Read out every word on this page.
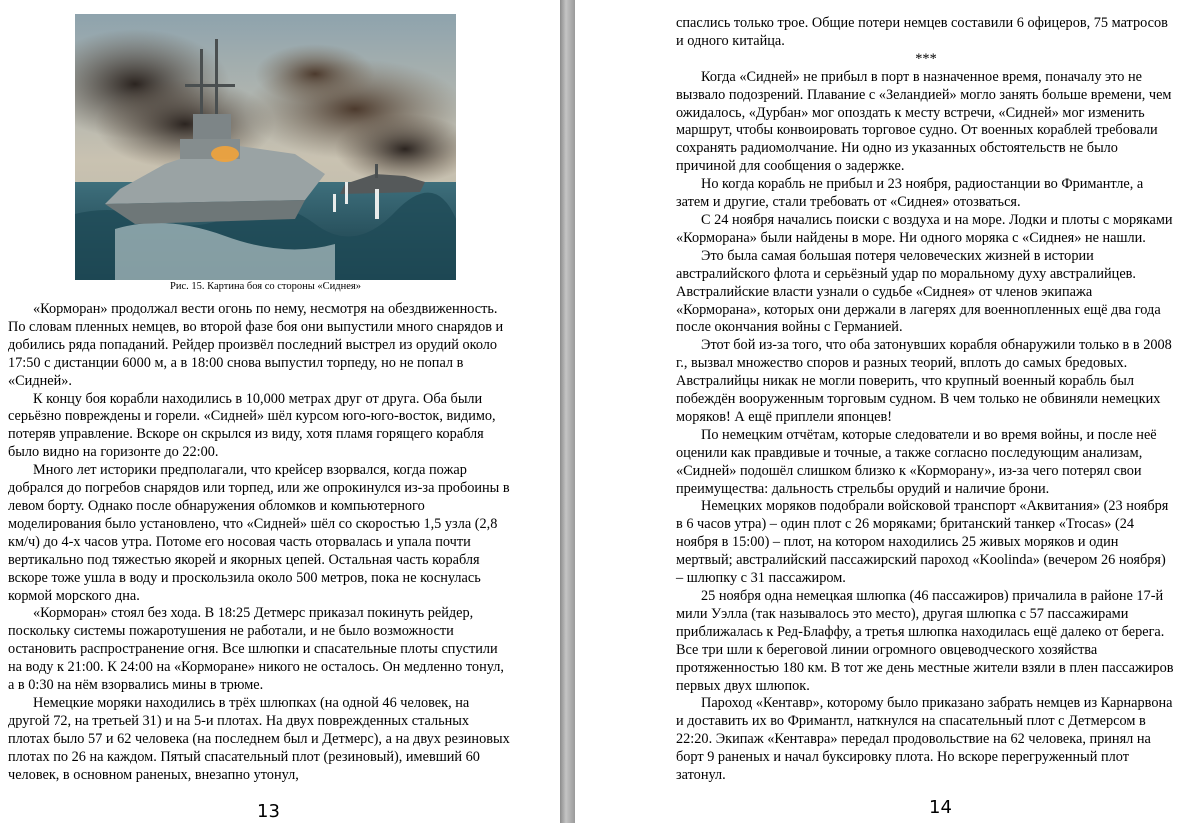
Рис. 15. Картина боя со стороны «Сиднея»

«Корморан» продолжал вести огонь по нему, несмотря на обездвиженность. По словам пленных немцев, во второй фазе боя они выпустили много снарядов и добились ряда попаданий. Рейдер произвёл последний выстрел из орудий около 17:50 с дистанции 6000 м, а в 18:00 снова выпустил торпеду, но не попал в «Сидней».

К концу боя корабли находились в 10,000 метрах друг от друга. Оба были серьёзно повреждены и горели. «Сидней» шёл курсом юго-юго-восток, видимо, потеряв управление. Вскоре он скрылся из виду, хотя пламя горящего корабля было видно на горизонте до 22:00.

Много лет историки предполагали, что крейсер взорвался, когда пожар добрался до погребов снарядов или торпед, или же опрокинулся из-за пробоины в левом борту. Однако после обнаружения обломков и компьютерного моделирования было установлено, что «Сидней» шёл со скоростью 1,5 узла (2,8 км/ч) до 4-х часов утра. Потоме его носовая часть оторвалась и упала почти вертикально под тяжестью якорей и якорных цепей. Остальная часть корабля вскоре тоже ушла в воду и проскользила около 500 метров, пока не коснулась кормой морского дна.

«Корморан» стоял без хода. В 18:25 Детмерс приказал покинуть рейдер, поскольку системы пожаротушения не работали, и не было возможности остановить распространение огня. Все шлюпки и спасательные плоты спустили на воду к 21:00. К 24:00 на «Корморане» никого не осталось. Он медленно тонул, а в 0:30 на нём взорвались мины в трюме.

Немецкие моряки находились в трёх шлюпках (на одной 46 человек, на другой 72, на третьей 31) и на 5-и плотах. На двух поврежденных стальных плотах было 57 и 62 человека (на последнем был и Детмерс), а на двух резиновых плотах по 26 на каждом. Пятый спасательный плот (резиновый), имевший 60 человек, в основном раненых, внезапно утонул,

13

спаслись только трое. Общие потери немцев составили 6 офицеров, 75 матросов и одного китайца.

***

Когда «Сидней» не прибыл в порт в назначенное время, поначалу это не вызвало подозрений. Плавание с «Зеландией» могло занять больше времени, чем ожидалось, «Дурбан» мог опоздать к месту встречи, «Сидней» мог изменить маршрут, чтобы конвоировать торговое судно. От военных кораблей требовали сохранять радиомолчание. Ни одно из указанных обстоятельств не было причиной для сообщения о задержке.

Но когда корабль не прибыл и 23 ноября, радиостанции во Фримантле, а затем и другие, стали требовать от «Сиднея» отозваться.

С 24 ноября начались поиски с воздуха и на море. Лодки и плоты с моряками «Корморана» были найдены в море. Ни одного моряка с «Сиднея» не нашли.

Это была самая большая потеря человеческих жизней в истории австралийского флота и серьёзный удар по моральному духу австралийцев. Австралийские власти узнали о судьбе «Сиднея» от членов экипажа «Корморана», которых они держали в лагерях для военнопленных ещё два года после окончания войны с Германией.

Этот бой из-за того, что оба затонувших корабля обнаружили только в в 2008 г., вызвал множество споров и разных теорий, вплоть до самых бредовых. Австралийцы никак не могли поверить, что крупный военный корабль был побеждён вооруженным торговым судном. В чем только не обвиняли немецких моряков! А ещё приплели японцев!

По немецким отчётам, которые следователи и во время войны, и после неё оценили как правдивые и точные, а также согласно последующим анализам, «Сидней» подошёл слишком близко к «Корморану», из-за чего потерял свои преимущества: дальность стрельбы орудий и наличие брони.

Немецких моряков подобрали войсковой транспорт «Аквитания» (23 ноября в 6 часов утра) – один плот с 26 моряками; британский танкер «Trocas» (24 ноября в 15:00) – плот, на котором находились 25 живых моряков и один мертвый; австралийский пассажирский пароход «Koolinda» (вечером 26 ноября) – шлюпку с 31 пассажиром.

25 ноября одна немецкая шлюпка (46 пассажиров) причалила в районе 17-й мили Уэлла (так называлось это место), другая шлюпка с 57 пассажирами приближалась к Ред-Блаффу, а третья шлюпка находилась ещё далеко от берега. Все три шли к береговой линии огромного овцеводческого хозяйства протяженностью 180 км. В тот же день местные жители взяли в плен пассажиров первых двух шлюпок.

Пароход «Кентавр», которому было приказано забрать немцев из Карнарвона и доставить их во Фримантл, наткнулся на спасательный плот с Детмерсом в 22:20. Экипаж «Кентавра» передал продовольствие на 62 человека, принял на борт 9 раненых и начал буксировку плота. Но вскоре перегруженный плот затонул.

14
